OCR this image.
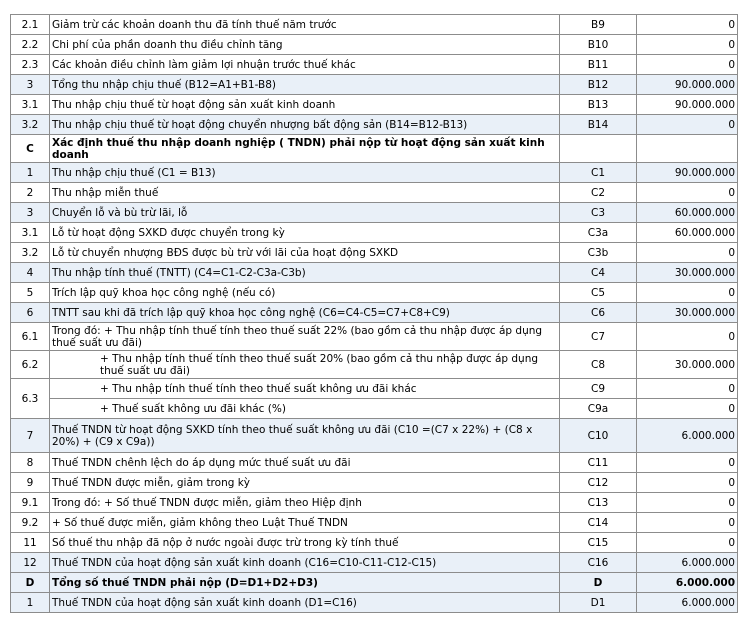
2.1	Giảm trừ các khoản doanh thu đã tính thuế năm trước	B9	0
2.2	Chi phí của phần doanh thu điều chỉnh tăng	B10	0
2.3	Các khoản điều chỉnh làm giảm lợi nhuận trước thuế khác	B11	0
3	Tổng thu nhập chịu thuế (B12=A1+B1-B8)	B12	90.000.000
3.1	Thu nhập chịu thuế từ hoạt động sản xuất kinh doanh	B13	90.000.000
3.2	Thu nhập chịu thuế từ hoạt động chuyển nhượng bất động sản (B14=B12-B13)	B14	0
C	Xác định thuế thu nhập doanh nghiệp ( TNDN) phải nộp từ hoạt động sản xuất kinh doanh		
1	Thu nhập chịu thuế (C1 = B13)	C1	90.000.000
2	Thu nhập miễn thuế	C2	0
3	Chuyển lỗ và bù trừ lãi, lỗ	C3	60.000.000
3.1	Lỗ từ hoạt động SXKD được chuyển trong kỳ	C3a	60.000.000
3.2	Lỗ từ chuyển nhượng BĐS được bù trừ với lãi của hoạt động SXKD	C3b	0
4	Thu nhập tính thuế (TNTT) (C4=C1-C2-C3a-C3b)	C4	30.000.000
5	Trích lập quỹ khoa học công nghệ (nếu có)	C5	0
6	TNTT sau khi đã trích lập quỹ khoa học công nghệ (C6=C4-C5=C7+C8+C9)	C6	30.000.000
6.1	Trong đó: + Thu nhập tính thuế tính theo thuế suất 22% (bao gồm cả thu nhập được áp dụng thuế suất ưu đãi)	C7	0
6.2	+ Thu nhập tính thuế tính theo thuế suất 20% (bao gồm cả thu nhập được áp dụng thuế suất ưu đãi)	C8	30.000.000
6.3	+ Thu nhập tính thuế tính theo thuế suất không ưu đãi khác	C9	0
	+ Thuế suất không ưu đãi khác (%)	C9a	0
7	Thuế TNDN từ hoạt động SXKD tính theo thuế suất không ưu đãi (C10 =(C7 x 22%) + (C8 x 20%) + (C9 x C9a))	C10	6.000.000
8	Thuế TNDN chênh lệch do áp dụng mức thuế suất ưu đãi	C11	0
9	Thuế TNDN được miễn, giảm trong kỳ	C12	0
9.1	Trong đó: + Số thuế TNDN được miễn, giảm theo Hiệp định	C13	0
9.2	+ Số thuế được miễn, giảm không theo Luật Thuế TNDN	C14	0
11	Số thuế thu nhập đã nộp ở nước ngoài được trừ trong kỳ tính thuế	C15	0
12	Thuế TNDN của hoạt động sản xuất kinh doanh (C16=C10-C11-C12-C15)	C16	6.000.000
D	Tổng số thuế TNDN phải nộp (D=D1+D2+D3)	D	6.000.000
1	Thuế TNDN của hoạt động sản xuất kinh doanh (D1=C16)	D1	6.000.000
